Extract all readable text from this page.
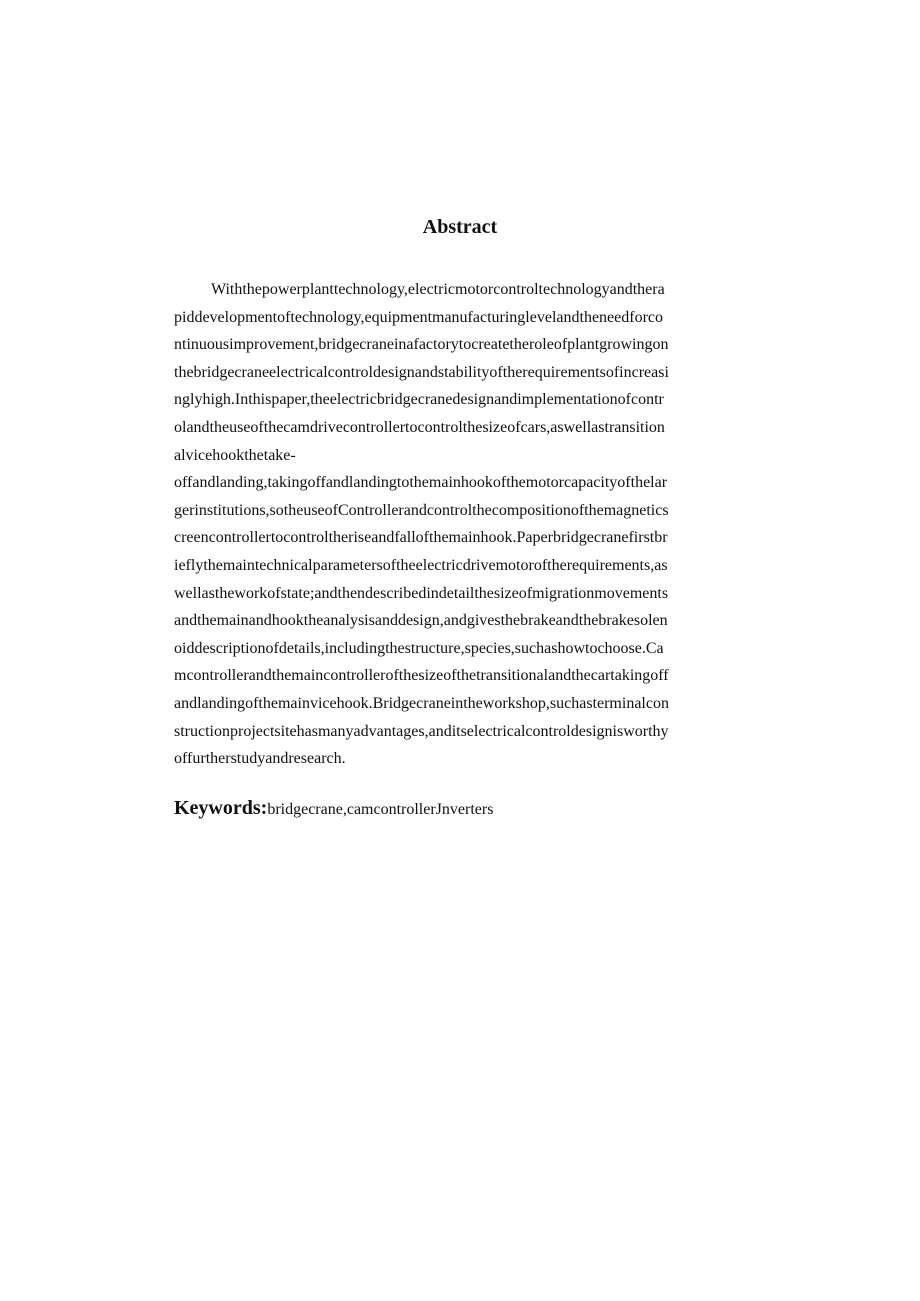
Abstract
Withthepowerplanttechnology,electricmotorcontroltechnologyandthera
piddevelopmentoftechnology,equipmentmanufacturinglevelandtheneedforco
ntinuousimprovement,bridgecraneinafactorytocreatetheroleofplantgrowingon
thebridgecraneelectricalcontroldesignandstabilityoftherequirementsofincreasi
nglyhigh.Inthispaper,theelectricbridgecranedesignandimplementationofcontr
olandtheuseofthecamdrivecontrollertocontrolthesizeofcars,aswellastransition
alvicehookthetake-
offandlanding,takingoffandlandingtothemainhookofthemotorcapacityofthelar
gerinstitutions,sotheuseofControllerandcontrolthecompositionofthemagnetics
creencontrollertocontroltheriseandfallofthemainhook.Paperbridgecranefirstbr
ieflythemaintechnicalparametersoftheelectricdrivemotoroftherequirements,as
wellastheworkofstate;andthendescribedindetailthesizeofmigrationmovements
andthemainandhooktheanalysisanddesign,andgivesthebrakeandthebrakesolen
oiddescriptionofdetails,includingthestructure,species,suchashowtochoose.Ca
mcontrollerandthemaincontrollerofthesizeofthetransitionalandthecartakingoff
andlandingofthemainvicehook.Bridgecraneintheworkshop,suchasterminalcon
structionprojectsitehasmanyadvantages,anditselectricalcontroldesignisworthy
offurtherstudyandresearch.
Keywords:bridgecrane,camcontrollerJnverters
